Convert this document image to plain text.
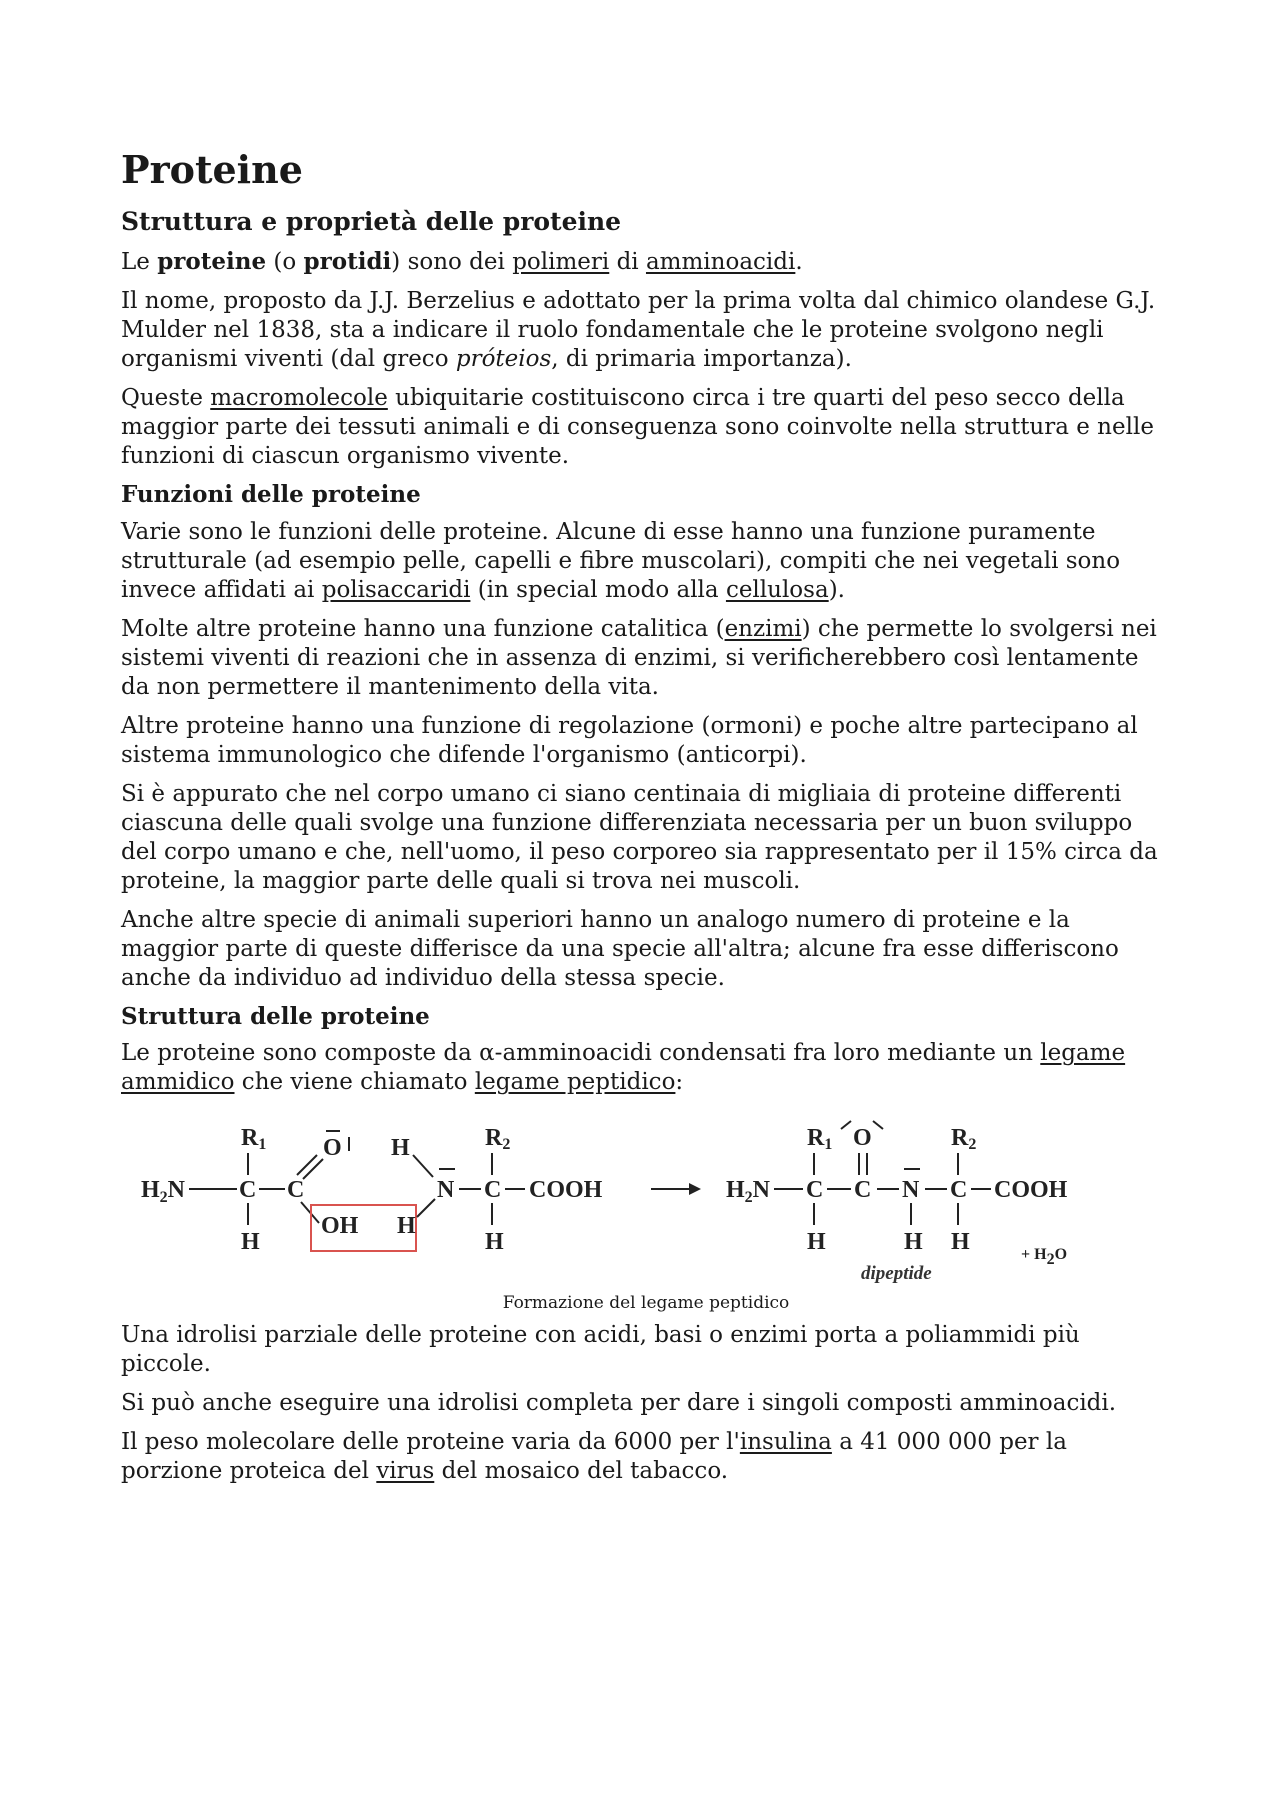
Proteine
Struttura e proprietà delle proteine

Le proteine (o protidi) sono dei polimeri di amminoacidi.

Il nome, proposto da J.J. Berzelius e adottato per la prima volta dal chimico olandese G.J. Mulder nel 1838, sta a indicare il ruolo fondamentale che le proteine svolgono negli organismi viventi (dal greco próteios, di primaria importanza).

Queste macromolecole ubiquitarie costituiscono circa i tre quarti del peso secco della maggior parte dei tessuti animali e di conseguenza sono coinvolte nella struttura e nelle funzioni di ciascun organismo vivente.

Funzioni delle proteine

Varie sono le funzioni delle proteine. Alcune di esse hanno una funzione puramente strutturale (ad esempio pelle, capelli e fibre muscolari), compiti che nei vegetali sono invece affidati ai polisaccaridi (in special modo alla cellulosa).

Molte altre proteine hanno una funzione catalitica (enzimi) che permette lo svolgersi nei sistemi viventi di reazioni che in assenza di enzimi, si verificherebbero così lentamente da non permettere il mantenimento della vita.

Altre proteine hanno una funzione di regolazione (ormoni) e poche altre partecipano al sistema immunologico che difende l'organismo (anticorpi).

Si è appurato che nel corpo umano ci siano centinaia di migliaia di proteine differenti ciascuna delle quali svolge una funzione differenziata necessaria per un buon sviluppo del corpo umano e che, nell'uomo, il peso corporeo sia rappresentato per il 15% circa da proteine, la maggior parte delle quali si trova nei muscoli.

Anche altre specie di animali superiori hanno un analogo numero di proteine e la maggior parte di queste differisce da una specie all'altra; alcune fra esse differiscono anche da individuo ad individuo della stessa specie.

Struttura delle proteine

Le proteine sono composte da α-amminoacidi condensati fra loro mediante un legame ammidico che viene chiamato legame peptidico:

R1
$H_2N$ C C
H
O
OH
H
H
N C
R2
H
COOH	$H_2N$ C
R1
H
C
O
N
H
C
R2
H
COOH
+ $H_2^O$
dipeptide
Formazione del legame peptidico

Una idrolisi parziale delle proteine con acidi, basi o enzimi porta a poliammidi più piccole.

Si può anche eseguire una idrolisi completa per dare i singoli composti amminoacidi.

Il peso molecolare delle proteine varia da 6000 per l'insulina a 41 000 000 per la porzione proteica del virus del mosaico del tabacco.
